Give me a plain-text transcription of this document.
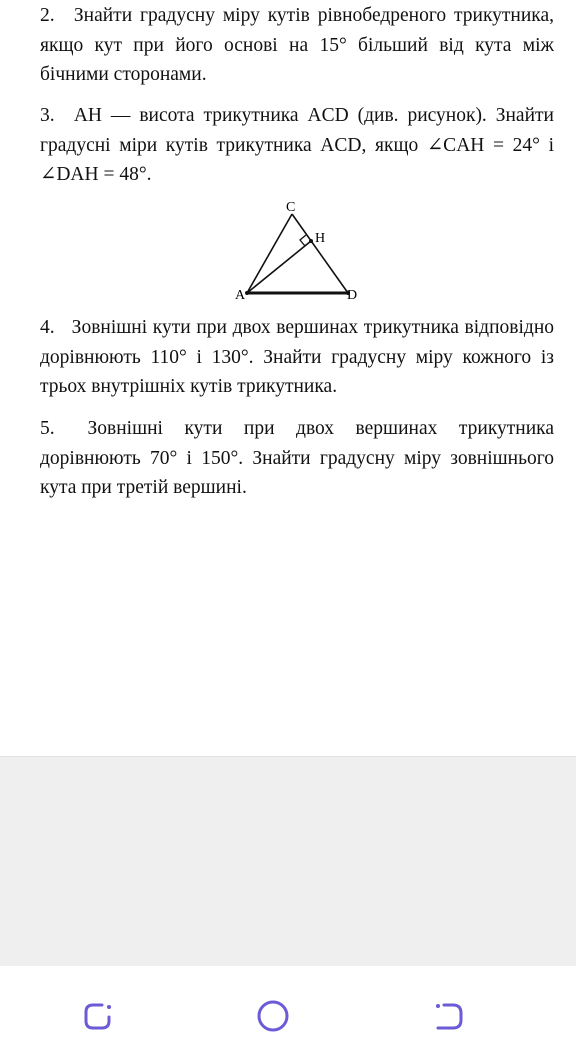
2. Знайти градусну міру кутів рівнобедреного трикутника, якщо кут при його основі на 15° більший від кута між бічними сторонами.

3. AH — висота трикутника ACD (див. рисунок). Знайти градусні міри кутів трикутника ACD, якщо ∠CAH = 24° і ∠DAH = 48°.

C
H
A	D

4. Зовнішні кути при двох вершинах трикутника відповідно дорівнюють 110° і 130°. Знайти градусну міру кожного із трьох внутрішніх кутів трикутника.

5. Зовнішні кути при двох вершинах трикутника дорівнюють 70° і 150°. Знайти градусну міру зовнішнього кута при третій вершині.
